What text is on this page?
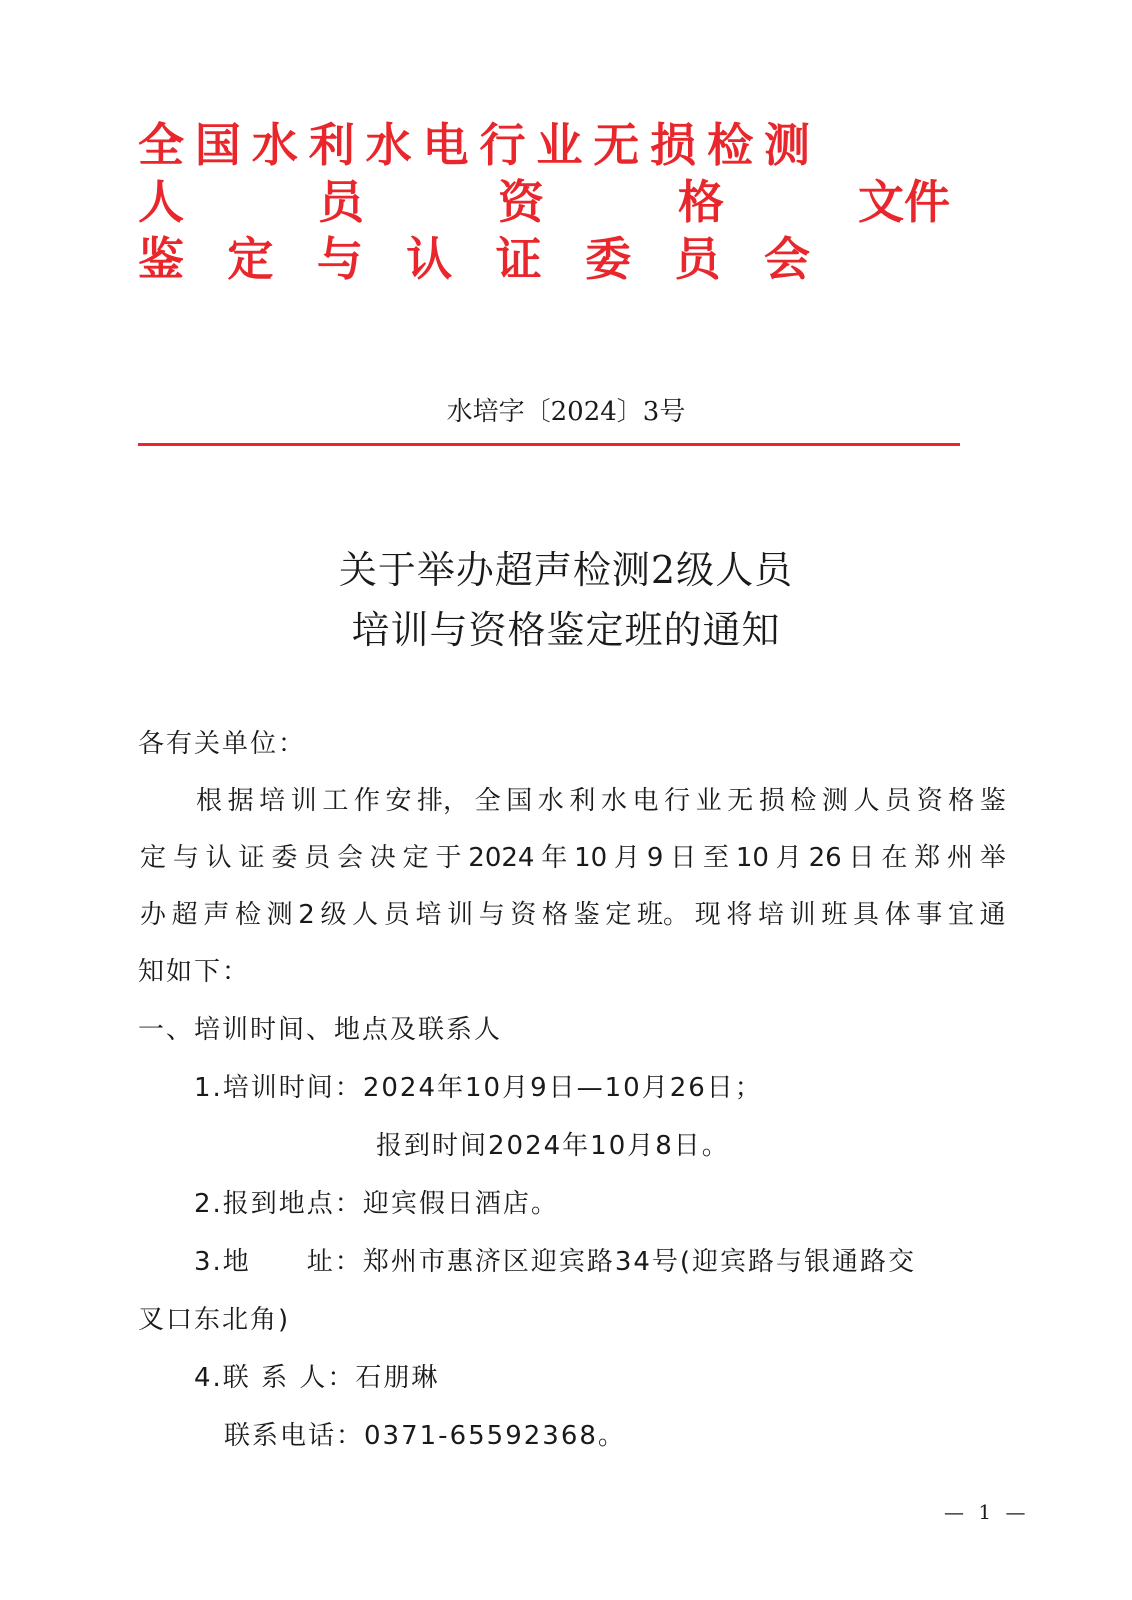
全 国 水 利 水 电 行 业 无 损 检 测
人	员	资	格	文件
鉴 定 与 认 证 委 员 会
水培字〔2024〕3号
关于举办超声检测2级人员
培训与资格鉴定班的通知
各有关单位：
根 据 培 训 工 作 安 排， 全 国 水 利 水 电 行 业 无 损 检 测 人 员 资 格 鉴
定 与 认 证 委 员 会 决 定 于 2024 年 10 月 9 日 至 10 月 26 日 在 郑 州 举
办 超 声 检 测 2 级 人 员 培 训 与 资 格 鉴 定 班。 现 将 培 训 班 具 体 事 宜 通
知如下：
一、培训时间、地点及联系人
1.培训时间：2024年10月9日—10月26日；
报到时间2024年10月8日。
2.报到地点：迎宾假日酒店。
3.地　　址：郑州市惠济区迎宾路34号(迎宾路与银通路交
叉口东北角)
4.联 系 人：石朋琳
联系电话：0371-65592368。
— 1 —
